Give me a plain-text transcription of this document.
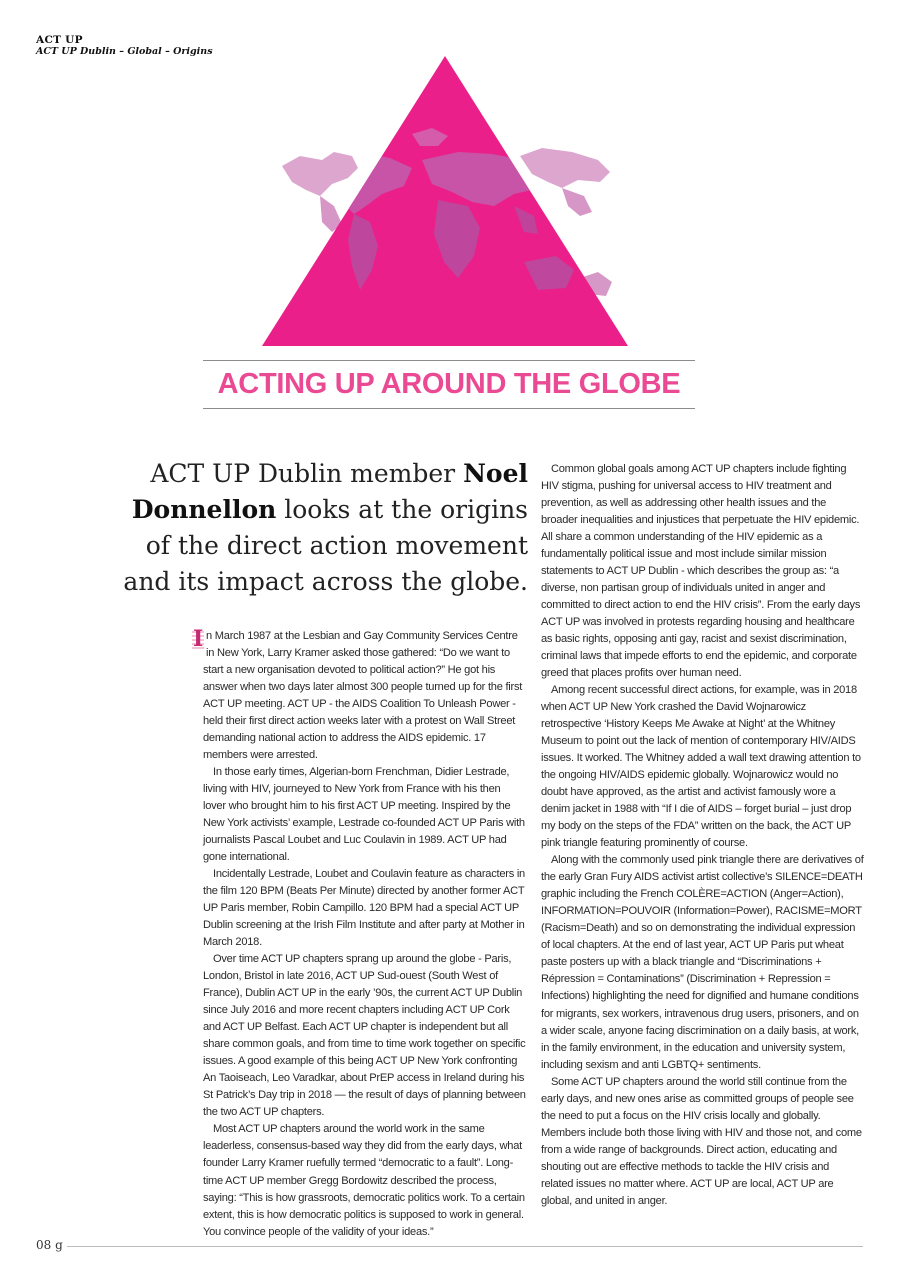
ACT UP
ACT UP Dublin – Global – Origins
ACTING UP AROUND THE GLOBE
ACT UP Dublin member Noel Donnellon looks at the origins of the direct action movement and its impact across the globe.

I n March 1987 at the Lesbian and Gay Community Services Centre in New York, Larry Kramer asked those gathered: “Do we want to start a new organisation devoted to political action?” He got his answer when two days later almost 300 people turned up for the first ACT UP meeting. ACT UP - the AIDS Coalition To Unleash Power - held their first direct action weeks later with a protest on Wall Street demanding national action to address the AIDS epidemic. 17 members were arrested.

In those early times, Algerian-born Frenchman, Didier Lestrade, living with HIV, journeyed to New York from France with his then lover who brought him to his first ACT UP meeting. Inspired by the New York activists’ example, Lestrade co-founded ACT UP Paris with journalists Pascal Loubet and Luc Coulavin in 1989. ACT UP had gone international.

Incidentally Lestrade, Loubet and Coulavin feature as characters in the film 120 BPM (Beats Per Minute) directed by another former ACT UP Paris member, Robin Campillo. 120 BPM had a special ACT UP Dublin screening at the Irish Film Institute and after party at Mother in March 2018.

Over time ACT UP chapters sprang up around the globe - Paris, London, Bristol in late 2016, ACT UP Sud-ouest (South West of France), Dublin ACT UP in the early ’90s, the current ACT UP Dublin since July 2016 and more recent chapters including ACT UP Cork and ACT UP Belfast. Each ACT UP chapter is independent but all share common goals, and from time to time work together on specific issues. A good example of this being ACT UP New York confronting An Taoiseach, Leo Varadkar, about PrEP access in Ireland during his St Patrick’s Day trip in 2018 — the result of days of planning between the two ACT UP chapters.

Most ACT UP chapters around the world work in the same leaderless, consensus-based way they did from the early days, what founder Larry Kramer ruefully termed “democratic to a fault”. Long-time ACT UP member Gregg Bordowitz described the process, saying: “This is how grassroots, democratic politics work. To a certain extent, this is how democratic politics is supposed to work in general. You convince people of the validity of your ideas.”

Common global goals among ACT UP chapters include fighting HIV stigma, pushing for universal access to HIV treatment and prevention, as well as addressing other health issues and the broader inequalities and injustices that perpetuate the HIV epidemic. All share a common understanding of the HIV epidemic as a fundamentally political issue and most include similar mission statements to ACT UP Dublin - which describes the group as: “a diverse, non partisan group of individuals united in anger and committed to direct action to end the HIV crisis”. From the early days ACT UP was involved in protests regarding housing and healthcare as basic rights, opposing anti gay, racist and sexist discrimination, criminal laws that impede efforts to end the epidemic, and corporate greed that places profits over human need.

Among recent successful direct actions, for example, was in 2018 when ACT UP New York crashed the David Wojnarowicz retrospective ‘History Keeps Me Awake at Night’ at the Whitney Museum to point out the lack of mention of contemporary HIV/AIDS issues. It worked. The Whitney added a wall text drawing attention to the ongoing HIV/AIDS epidemic globally. Wojnarowicz would no doubt have approved, as the artist and activist famously wore a denim jacket in 1988 with “If I die of AIDS – forget burial – just drop my body on the steps of the FDA” written on the back, the ACT UP pink triangle featuring prominently of course.

Along with the commonly used pink triangle there are derivatives of the early Gran Fury AIDS activist artist collective’s SILENCE=DEATH graphic including the French COLÈRE=ACTION (Anger=Action), INFORMATION=POUVOIR (Information=Power), RACISME=MORT (Racism=Death) and so on demonstrating the individual expression of local chapters. At the end of last year, ACT UP Paris put wheat paste posters up with a black triangle and “Discriminations + Répression = Contaminations” (Discrimination + Repression = Infections) highlighting the need for dignified and humane conditions for migrants, sex workers, intravenous drug users, prisoners, and on a wider scale, anyone facing discrimination on a daily basis, at work, in the family environment, in the education and university system, including sexism and anti LGBTQ+ sentiments.

Some ACT UP chapters around the world still continue from the early days, and new ones arise as committed groups of people see the need to put a focus on the HIV crisis locally and globally. Members include both those living with HIV and those not, and come from a wide range of backgrounds. Direct action, educating and shouting out are effective methods to tackle the HIV crisis and related issues no matter where. ACT UP are local, ACT UP are global, and united in anger.

08 g
